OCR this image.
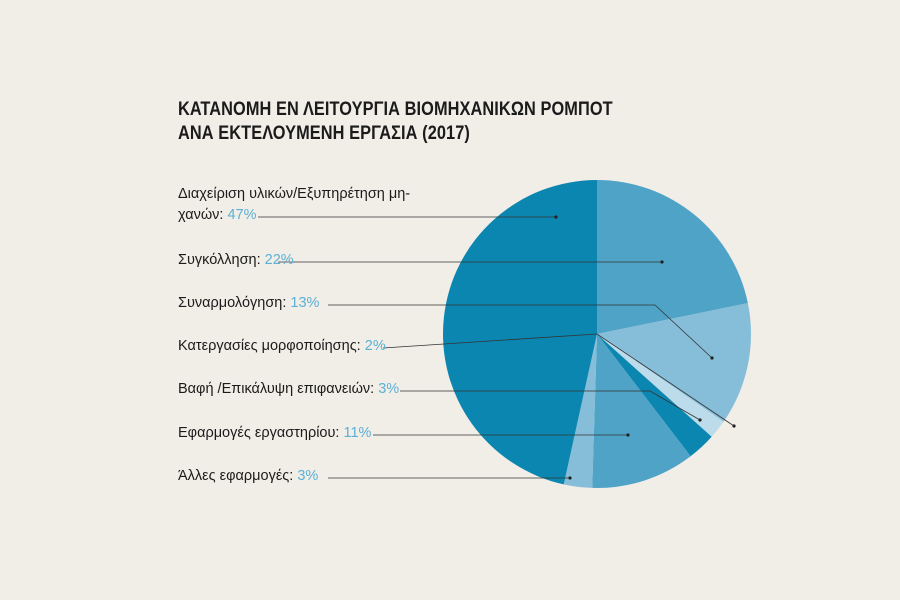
ΚΑΤΑΝΟΜΗ ΕΝ ΛΕΙΤΟΥΡΓΙΑ ΒΙΟΜΗΧΑΝΙΚΩΝ ΡΟΜΠΟΤ
ΑΝΑ ΕΚΤΕΛΟΥΜΕΝΗ ΕΡΓΑΣΙΑ (2017)
Διαχείριση υλικών/Εξυπηρέτηση μη-
χανών: 47%
Συγκόλληση: 22%
Συναρμολόγηση: 13%
Κατεργασίες μορφοποίησης: 2%
Βαφή /Επικάλυψη επιφανειών: 3%
Εφαρμογές εργαστηρίου: 11%
Άλλες εφαρμογές: 3%
